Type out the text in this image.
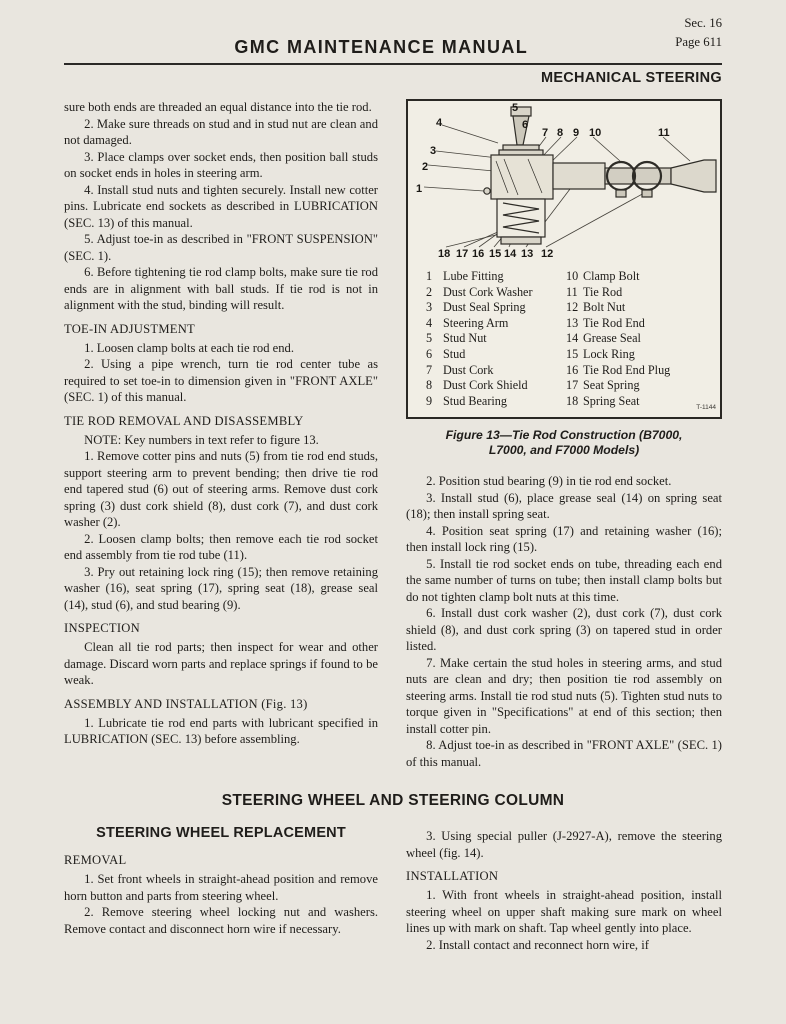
GMC MAINTENANCE MANUAL
Sec. 16
Page 611
MECHANICAL STEERING

sure both ends are threaded an equal distance into the tie rod.

2. Make sure threads on stud and in stud nut are clean and not damaged.

3. Place clamps over socket ends, then position ball studs on socket ends in holes in steering arm.

4. Install stud nuts and tighten securely. Install new cotter pins. Lubricate end sockets as described in LUBRICATION (SEC. 13) of this manual.

5. Adjust toe-in as described in "FRONT SUSPENSION" (SEC. 1).

6. Before tightening tie rod clamp bolts, make sure tie rod ends are in alignment with ball studs. If tie rod is not in alignment with the stud, binding will result.

TOE-IN ADJUSTMENT

1. Loosen clamp bolts at each tie rod end.

2. Using a pipe wrench, turn tie rod center tube as required to set toe-in to dimension given in "FRONT AXLE" (SEC. 1) of this manual.

TIE ROD REMOVAL AND DISASSEMBLY

NOTE: Key numbers in text refer to figure 13.

1. Remove cotter pins and nuts (5) from tie rod end studs, support steering arm to prevent bending; then drive tie rod end tapered stud (6) out of steering arms. Remove dust cork spring (3) dust cork shield (8), dust cork (7), and dust cork washer (2).

2. Loosen clamp bolts; then remove each tie rod socket end assembly from tie rod tube (11).

3. Pry out retaining lock ring (15); then remove retaining washer (16), seat spring (17), spring seat (18), grease seal (14), stud (6), and stud bearing (9).

INSPECTION

Clean all tie rod parts; then inspect for wear and other damage. Discard worn parts and replace springs if found to be weak.

ASSEMBLY AND INSTALLATION (Fig. 13)

1. Lubricate tie rod end parts with lubricant specified in LUBRICATION (SEC. 13) before assembling.

1
2
3
4
5
6
7 8 9 10	11
12
13
14
15
16
17
18
1 Lube Fitting
2 Dust Cork Washer
3 Dust Seal Spring
4 Steering Arm
5 Stud Nut
6 Stud
7 Dust Cork
8 Dust Cork Shield
9 Stud Bearing
10 Clamp Bolt
11 Tie Rod
12 Bolt Nut
13 Tie Rod End
14 Grease Seal
15 Lock Ring
16 Tie Rod End Plug
17 Seat Spring
18 Spring Seat
T-1144
Figure 13—Tie Rod Construction (B7000, L7000, and F7000 Models)

2. Position stud bearing (9) in tie rod end socket.

3. Install stud (6), place grease seal (14) on spring seat (18); then install spring seat.

4. Position seat spring (17) and retaining washer (16); then install lock ring (15).

5. Install tie rod socket ends on tube, threading each end the same number of turns on tube; then install clamp bolts but do not tighten clamp bolt nuts at this time.

6. Install dust cork washer (2), dust cork (7), dust cork shield (8), and dust cork spring (3) on tapered stud in order listed.

7. Make certain the stud holes in steering arms, and stud nuts are clean and dry; then position tie rod assembly on steering arms. Install tie rod stud nuts (5). Tighten stud nuts to torque given in "Specifications" at end of this section; then install cotter pin.

8. Adjust toe-in as described in "FRONT AXLE" (SEC. 1) of this manual.

STEERING WHEEL AND STEERING COLUMN
STEERING WHEEL REPLACEMENT
REMOVAL

1. Set front wheels in straight-ahead position and remove horn button and parts from steering wheel.

2. Remove steering wheel locking nut and washers. Remove contact and disconnect horn wire if necessary.

3. Using special puller (J-2927-A), remove the steering wheel (fig. 14).

INSTALLATION

1. With front wheels in straight-ahead position, install steering wheel on upper shaft making sure mark on wheel lines up with mark on shaft. Tap wheel gently into place.

2. Install contact and reconnect horn wire, if
